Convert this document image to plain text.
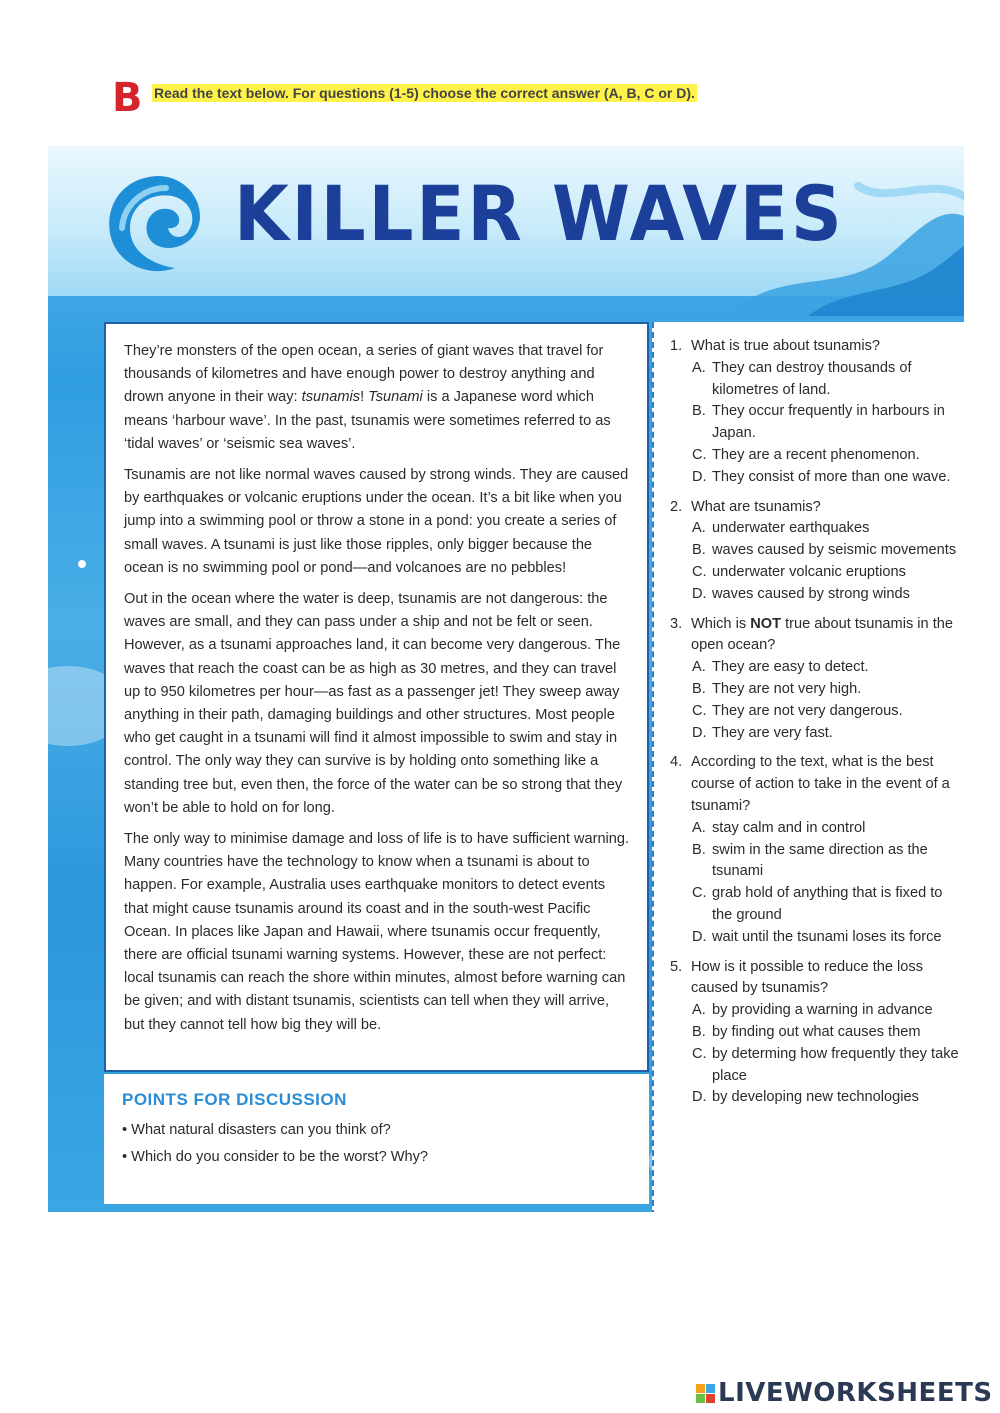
B Read the text below. For questions (1-5) choose the correct answer (A, B, C or D).
KILLER WAVES

They’re monsters of the open ocean, a series of giant waves that travel for thousands of kilometres and have enough power to destroy anything and drown anyone in their way: tsunamis! Tsunami is a Japanese word which means ‘harbour wave’. In the past, tsunamis were sometimes referred to as ‘tidal waves’ or ‘seismic sea waves’.

Tsunamis are not like normal waves caused by strong winds. They are caused by earthquakes or volcanic eruptions under the ocean. It’s a bit like when you jump into a swimming pool or throw a stone in a pond: you create a series of small waves. A tsunami is just like those ripples, only bigger because the ocean is no swimming pool or pond—and volcanoes are no pebbles!

Out in the ocean where the water is deep, tsunamis are not dangerous: the waves are small, and they can pass under a ship and not be felt or seen. However, as a tsunami approaches land, it can become very dangerous. The waves that reach the coast can be as high as 30 metres, and they can travel up to 950 kilometres per hour—as fast as a passenger jet! They sweep away anything in their path, damaging buildings and other structures. Most people who get caught in a tsunami will find it almost impossible to swim and stay in control. The only way they can survive is by holding onto something like a standing tree but, even then, the force of the water can be so strong that they won’t be able to hold on for long.

The only way to minimise damage and loss of life is to have sufficient warning. Many countries have the technology to know when a tsunami is about to happen. For example, Australia uses earthquake monitors to detect events that might cause tsunamis around its coast and in the south-west Pacific Ocean. In places like Japan and Hawaii, where tsunamis occur frequently, there are official tsunami warning systems. However, these are not perfect: local tsunamis can reach the shore within minutes, almost before warning can be given; and with distant tsunamis, scientists can tell when they will arrive, but they cannot tell how big they will be.

POINTS FOR DISCUSSION
• What natural disasters can you think of?
• Which do you consider to be the worst? Why?
1. What is true about tsunamis?
A. They can destroy thousands of kilometres of land.
B. They occur frequently in harbours in Japan.
C. They are a recent phenomenon.
D. They consist of more than one wave.
2. What are tsunamis?
A. underwater earthquakes
B. waves caused by seismic movements
C. underwater volcanic eruptions
D. waves caused by strong winds
3. Which is NOT true about tsunamis in the open ocean?
A. They are easy to detect.
B. They are not very high.
C. They are not very dangerous.
D. They are very fast.
4. According to the text, what is the best course of action to take in the event of a tsunami?
A. stay calm and in control
B. swim in the same direction as the tsunami
C. grab hold of anything that is fixed to the ground
D. wait until the tsunami loses its force
5. How is it possible to reduce the loss caused by tsunamis?
A. by providing a warning in advance
B. by finding out what causes them
C. by determing how frequently they take place
D. by developing new technologies
LIVEWORKSHEETS
